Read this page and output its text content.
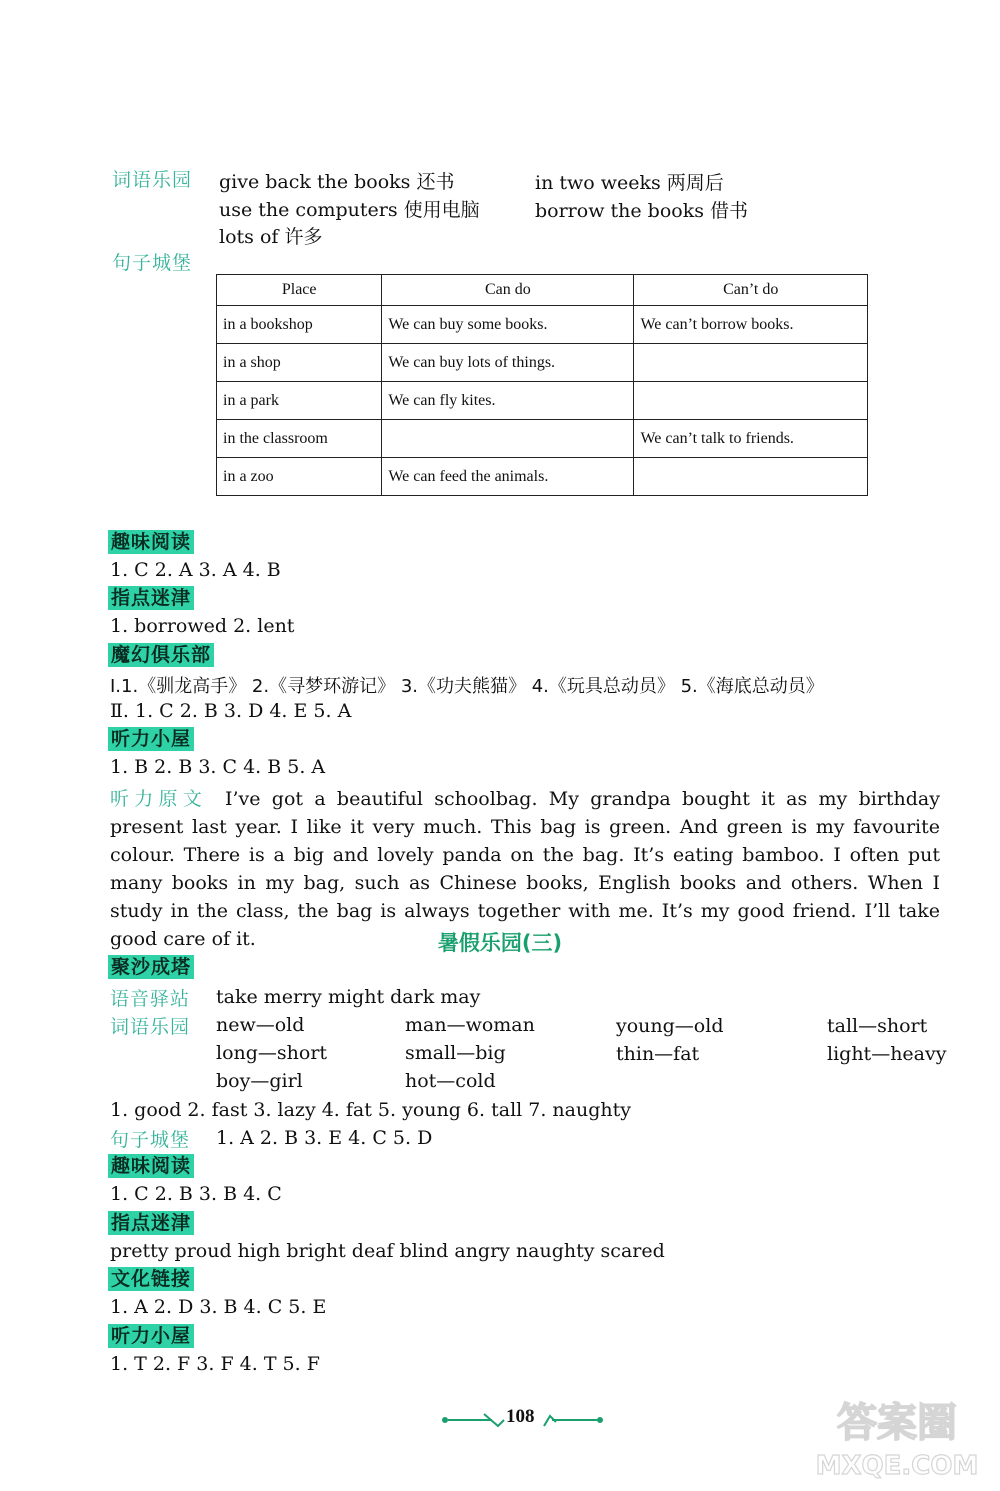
词语乐园 give back the books 还书	in two weeks 两周后
use the computers 使用电脑	borrow the books 借书
lots of 许多
句子城堡
Place	Can do	Can’t do
in a bookshop	We can buy some books.	We can’t borrow books.
in a shop	We can buy lots of things.	
in a park	We can fly kites.	
in the classroom		We can’t talk to friends.
in a zoo	We can feed the animals.	
趣味阅读
1. C 2. A 3. A 4. B
指点迷津
1. borrowed 2. lent
魔幻俱乐部
Ⅰ.1.《驯龙高手》 2.《寻梦环游记》 3.《功夫熊猫》 4.《玩具总动员》 5.《海底总动员》
Ⅱ. 1. C 2. B 3. D 4. E 5. A
听力小屋
1. B 2. B 3. C 4. B 5. A
听力原文 I’ve got a beautiful schoolbag. My grandpa bought it as my birthday present last year. I like it very much. This bag is green. And green is my favourite colour. There is a big and lovely panda on the bag. It’s eating bamboo. I often put many books in my bag, such as Chinese books, English books and others. When I study in the class, the bag is always together with me. It’s my good friend. I’ll take good care of it.	暑假乐园(三)
聚沙成塔
语音驿站 take merry might dark may
词语乐园 new—old	man—woman	young—old	tall—short
long—short	small—big	thin—fat	light—heavy
boy—girl	hot—cold
1. good 2. fast 3. lazy 4. fat 5. young 6. tall 7. naughty
句子城堡 1. A 2. B 3. E 4. C 5. D
趣味阅读
1. C 2. B 3. B 4. C
指点迷津
pretty proud high bright deaf blind angry naughty scared
文化链接
1. A 2. D 3. B 4. C 5. E
听力小屋
1. T 2. F 3. F 4. T 5. F
108	答案圈
MXQE.COM
